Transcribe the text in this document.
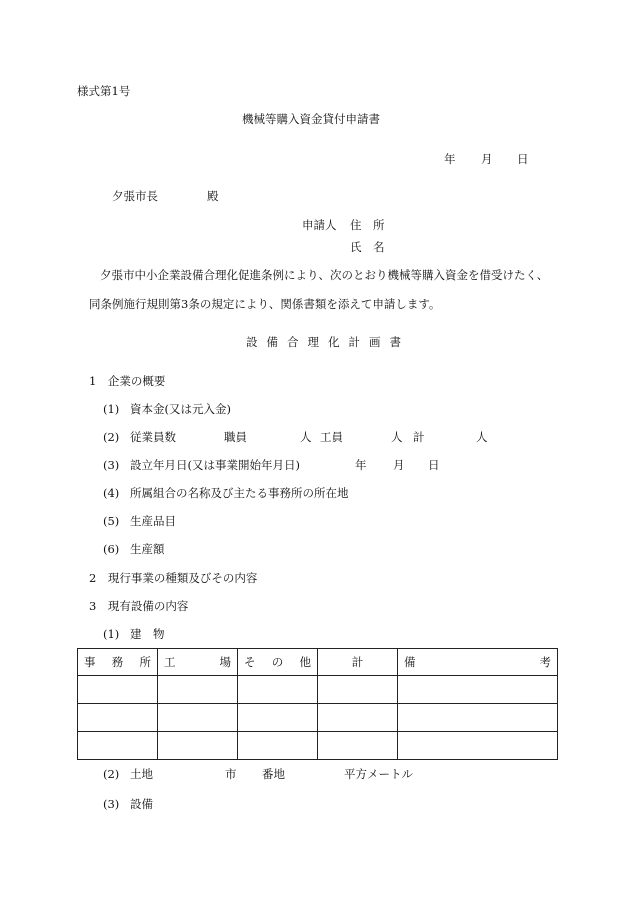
様式第1号
機械等購入資金貸付申請書
年 月 日
夕張市長	殿
申請人 住　所
氏　名
夕張市中小企業設備合理化促進条例により、次のとおり機械等購入資金を借受けたく、
同条例施行規則第3条の規定により、関係書類を添えて申請します。
設備合理化計画書
1　企業の概要
(1) 資本金(又は元入金)
(2) 従業員数	職員	人 工員	人 計	人
(3) 設立年月日(又は事業開始年月日)	年 月 日
(4) 所属組合の名称及び主たる事務所の所在地
(5) 生産品目
(6) 生産額
2　現行事業の種類及びその内容
3　現有設備の内容
(1) 建　物
事 務 所	工 場	そ の 他	計	備 考

(2) 土地	市 番地	平方メートル
(3) 設備
